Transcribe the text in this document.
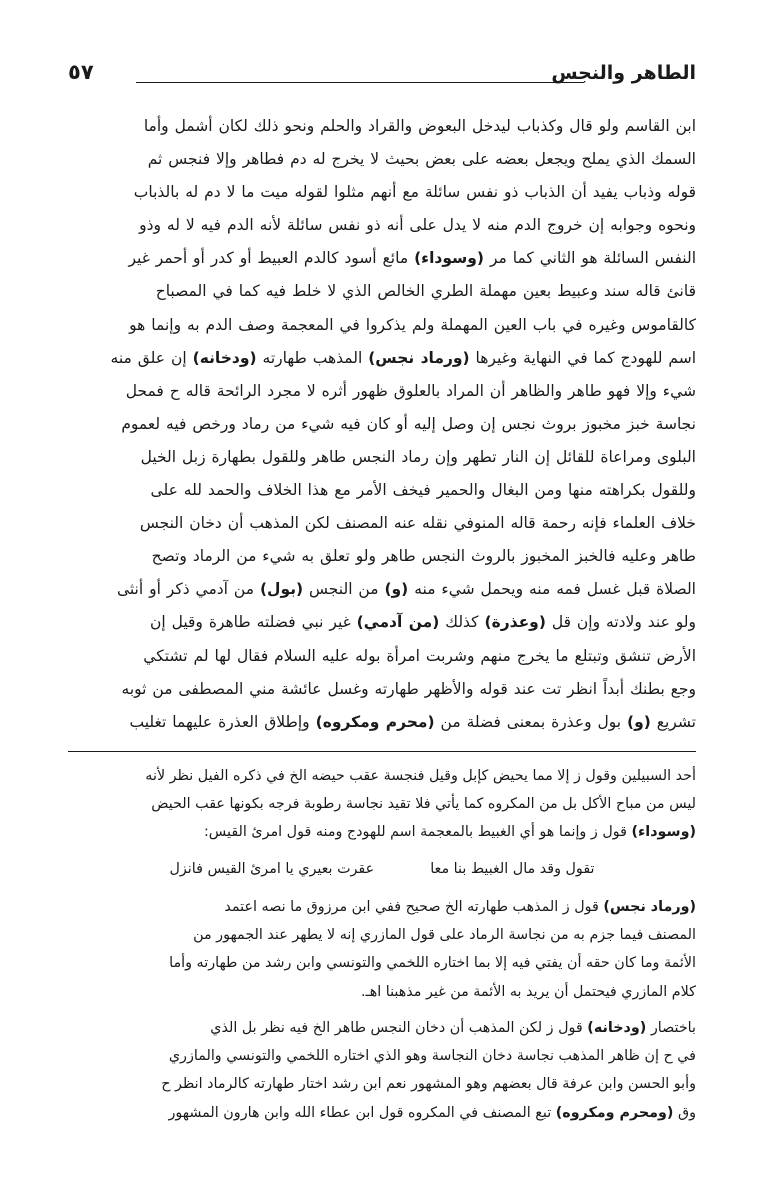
الطاهر والنجس
٥٧
ابن القاسم ولو قال وكذباب ليدخل البعوض والقراد والحلم ونحو ذلك لكان أشمل وأما
السمك الذي يملح ويجعل بعضه على بعض بحيث لا يخرج له دم فطاهر وإلا فنجس ثم
قوله وذباب يفيد أن الذباب ذو نفس سائلة مع أنهم مثلوا لقوله ميت ما لا دم له بالذباب
ونحوه وجوابه إن خروج الدم منه لا يدل على أنه ذو نفس سائلة لأنه الدم فيه لا له وذو
النفس السائلة هو الثاني كما مر (وسوداء) مائع أسود كالدم العبيط أو كدر أو أحمر غير
قانئ قاله سند وعبيط بعين مهملة الطري الخالص الذي لا خلط فيه كما في المصباح
كالقاموس وغيره في باب العين المهملة ولم يذكروا في المعجمة وصف الدم به وإنما هو
اسم للهودج كما في النهاية وغيرها (ورماد نجس) المذهب طهارته (ودخانه) إن علق منه
شيء وإلا فهو طاهر والظاهر أن المراد بالعلوق ظهور أثره لا مجرد الرائحة قاله ح فمحل
نجاسة خبز مخبوز بروث نجس إن وصل إليه أو كان فيه شيء من رماد ورخص فيه لعموم
البلوى ومراعاة للقائل إن النار تطهر وإن رماد النجس طاهر وللقول بطهارة زبل الخيل
وللقول بكراهته منها ومن البغال والحمير فيخف الأمر مع هذا الخلاف والحمد لله على
خلاف العلماء فإنه رحمة قاله المنوفي نقله عنه المصنف لكن المذهب أن دخان النجس
طاهر وعليه فالخبز المخبوز بالروث النجس طاهر ولو تعلق به شيء من الرماد وتصح
الصلاة قبل غسل فمه منه ويحمل شيء منه (و) من النجس (بول) من آدمي ذكر أو أنثى
ولو عند ولادته وإن قل (وعذرة) كذلك (من آدمي) غير نبي فضلته طاهرة وقيل إن
الأرض تنشق وتبتلع ما يخرج منهم وشربت امرأة بوله عليه السلام فقال لها لم تشتكي
وجع بطنك أبداً انظر تت عند قوله والأظهر طهارته وغسل عائشة مني المصطفى من ثوبه
تشريع (و) بول وعذرة بمعنى فضلة من (محرم ومكروه) وإطلاق العذرة عليهما تغليب
أحد السبيلين وقول ز إلا مما يحيض كإبل وقيل فنجسة عقب حيضه الخ في ذكره الفيل نظر لأنه
ليس من مباح الأكل بل من المكروه كما يأتي فلا تقيد نجاسة رطوبة فرجه بكونها عقب الحيض
(وسوداء) قول ز وإنما هو أي الغبيط بالمعجمة اسم للهودج ومنه قول امرئ القيس:
تقول وقد مال الغبيط بنا معا
عقرت بعيري يا امرئ القيس فانزل
(ورماد نجس) قول ز المذهب طهارته الخ صحيح ففي ابن مرزوق ما نصه اعتمد
المصنف فيما جزم به من نجاسة الرماد على قول المازري إنه لا يطهر عند الجمهور من
الأئمة وما كان حقه أن يفتي فيه إلا بما اختاره اللخمي والتونسي وابن رشد من طهارته وأما
كلام المازري فيحتمل أن يريد به الأئمة من غير مذهبنا اهـ.
باختصار (ودخانه) قول ز لكن المذهب أن دخان النجس طاهر الخ فيه نظر بل الذي
في ح إن ظاهر المذهب نجاسة دخان النجاسة وهو الذي اختاره اللخمي والتونسي والمازري
وأبو الحسن وابن عرفة قال بعضهم وهو المشهور نعم ابن رشد اختار طهارته كالرماد انظر ح
وق (ومحرم ومكروه) تبع المصنف في المكروه قول ابن عطاء الله وابن هارون المشهور
